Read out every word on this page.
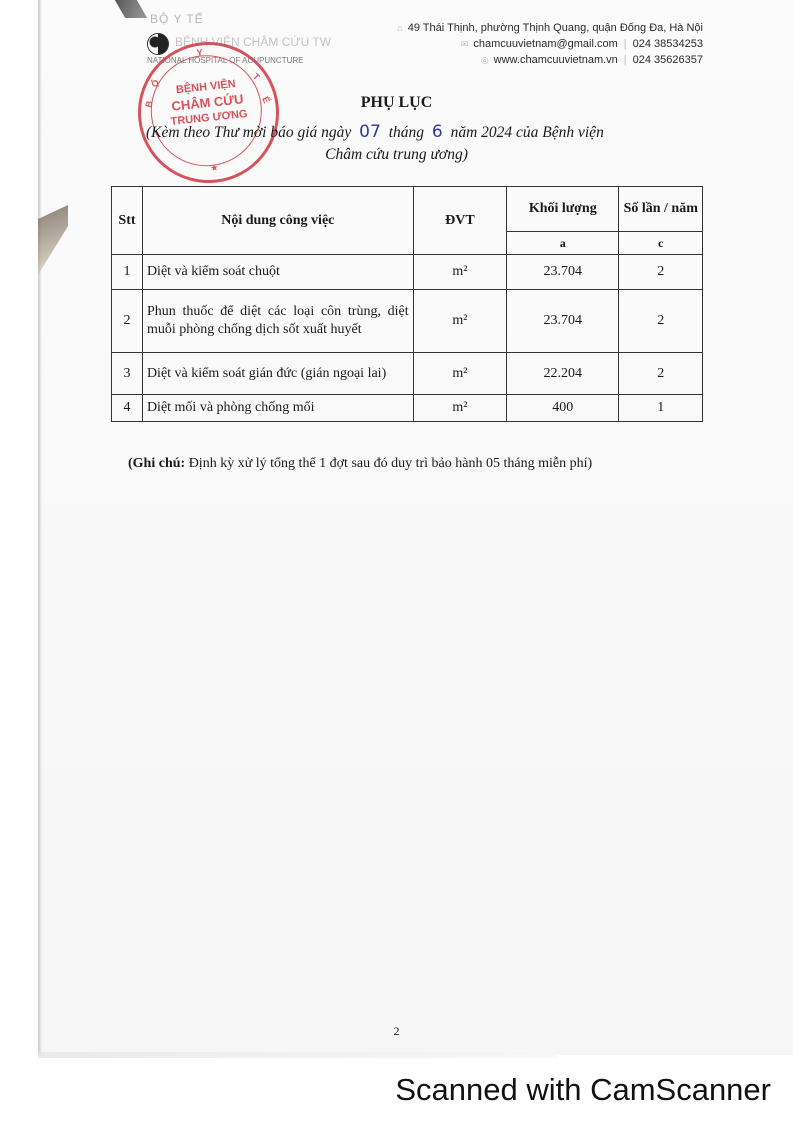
BỘ Y TẾ
BỆNH VIỆN CHÂM CỨU TW
NATIONAL HOSPITAL OF ACUPUNCTURE
⌂ 49 Thái Thịnh, phường Thịnh Quang, quận Đống Đa, Hà Nội
✉ chamcuuvietnam@gmail.com | 024 38534253
◎ www.chamcuuvietnam.vn | 024 35626357
Y
B
Ộ
T
Ế
BỆNH VIỆN
CHÂM CỨU
TRUNG ƯƠNG
★
PHỤ LỤC
(Kèm theo Thư mời báo giá ngày 07 tháng 6 năm 2024 của Bệnh viện
Châm cứu trung ương)
Stt	Nội dung công việc	ĐVT	Khối lượng	Số lần / năm
			a	c
1	Diệt và kiểm soát chuột	m²	23.704	2
2	Phun thuốc để diệt các loại côn trùng, diệt muỗi phòng chống dịch sốt xuất huyết	m²	23.704	2
3	Diệt và kiểm soát gián đức (gián ngoại lai)	m²	22.204	2
4	Diệt mối và phòng chống mối	m²	400	1
(Ghi chú: Định kỳ xử lý tổng thể 1 đợt sau đó duy trì bảo hành 05 tháng miễn phí)
2
Scanned with CamScanner
